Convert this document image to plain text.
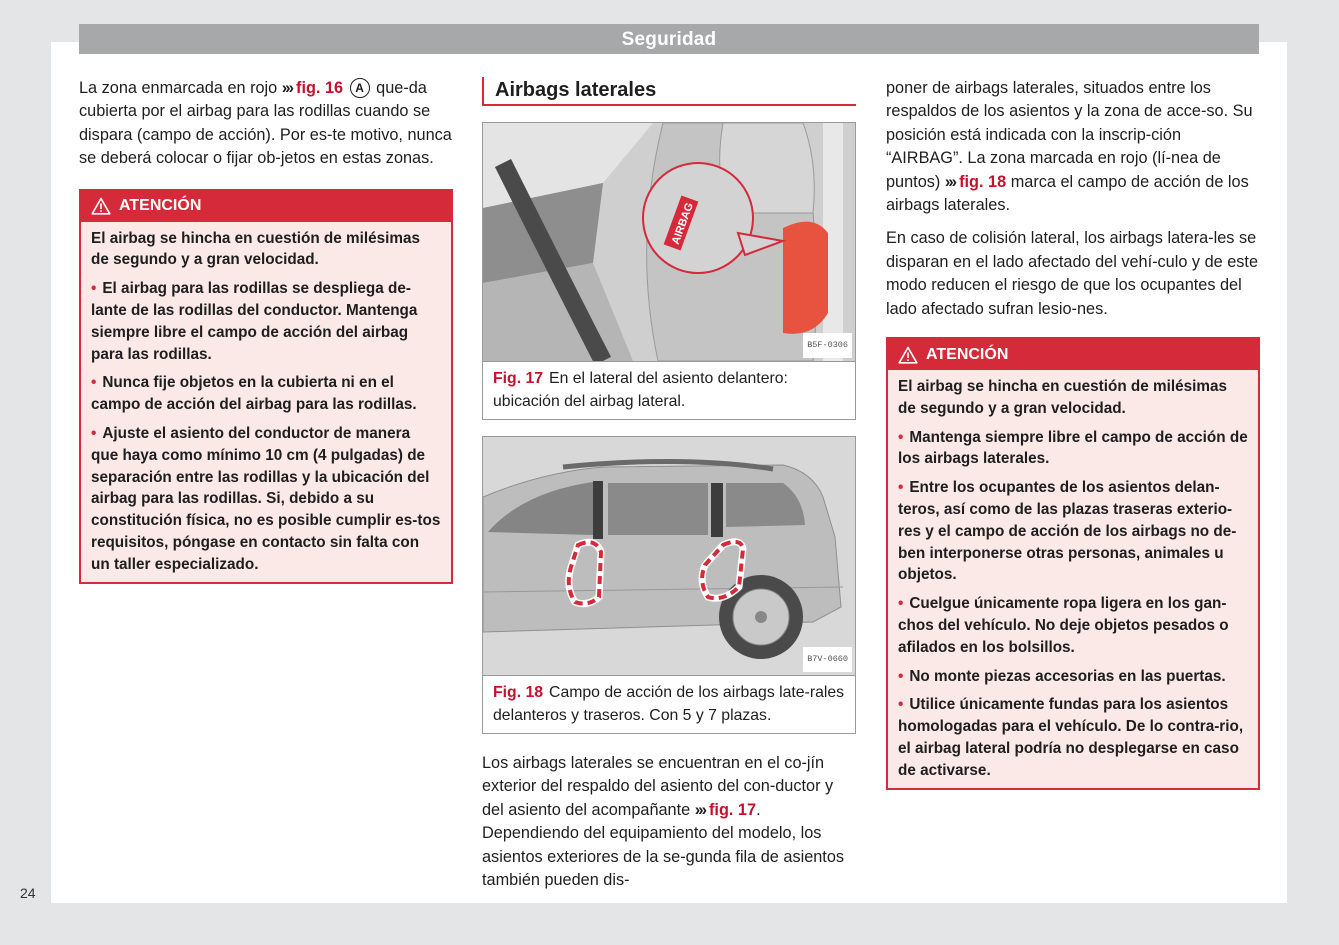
Seguridad

La zona enmarcada en rojo ››› fig. 16 A que-da cubierta por el airbag para las rodillas cuando se dispara (campo de acción). Por es-te motivo, nunca se deberá colocar o fijar ob-jetos en estas zonas.

ATENCIÓN

El airbag se hincha en cuestión de milésimas de segundo y a gran velocidad.

• El airbag para las rodillas se despliega de-lante de las rodillas del conductor. Mantenga siempre libre el campo de acción del airbag para las rodillas.

• Nunca fije objetos en la cubierta ni en el campo de acción del airbag para las rodillas.

• Ajuste el asiento del conductor de manera que haya como mínimo 10 cm (4 pulgadas) de separación entre las rodillas y la ubicación del airbag para las rodillas. Si, debido a su constitución física, no es posible cumplir es-tos requisitos, póngase en contacto sin falta con un taller especializado.

Airbags laterales
AIRBAG
B5F-0306
Fig. 17 En el lateral del asiento delantero: ubicación del airbag lateral.
B7V-0660
Fig. 18 Campo de acción de los airbags late-rales delanteros y traseros. Con 5 y 7 plazas.

Los airbags laterales se encuentran en el co-jín exterior del respaldo del asiento del con-ductor y del asiento del acompañante ››› fig. 17. Dependiendo del equipamiento del modelo, los asientos exteriores de la se-gunda fila de asientos también pueden dis-

poner de airbags laterales, situados entre los respaldos de los asientos y la zona de acce-so. Su posición está indicada con la inscrip-ción “AIRBAG”. La zona marcada en rojo (lí-nea de puntos) ››› fig. 18 marca el campo de acción de los airbags laterales.

En caso de colisión lateral, los airbags latera-les se disparan en el lado afectado del vehí-culo y de este modo reducen el riesgo de que los ocupantes del lado afectado sufran lesio-nes.

ATENCIÓN

El airbag se hincha en cuestión de milésimas de segundo y a gran velocidad.

• Mantenga siempre libre el campo de acción de los airbags laterales.

• Entre los ocupantes de los asientos delan-teros, así como de las plazas traseras exterio-res y el campo de acción de los airbags no de-ben interponerse otras personas, animales u objetos.

• Cuelgue únicamente ropa ligera en los gan-chos del vehículo. No deje objetos pesados o afilados en los bolsillos.

• No monte piezas accesorias en las puertas.

• Utilice únicamente fundas para los asientos homologadas para el vehículo. De lo contra-rio, el airbag lateral podría no desplegarse en caso de activarse.

24
